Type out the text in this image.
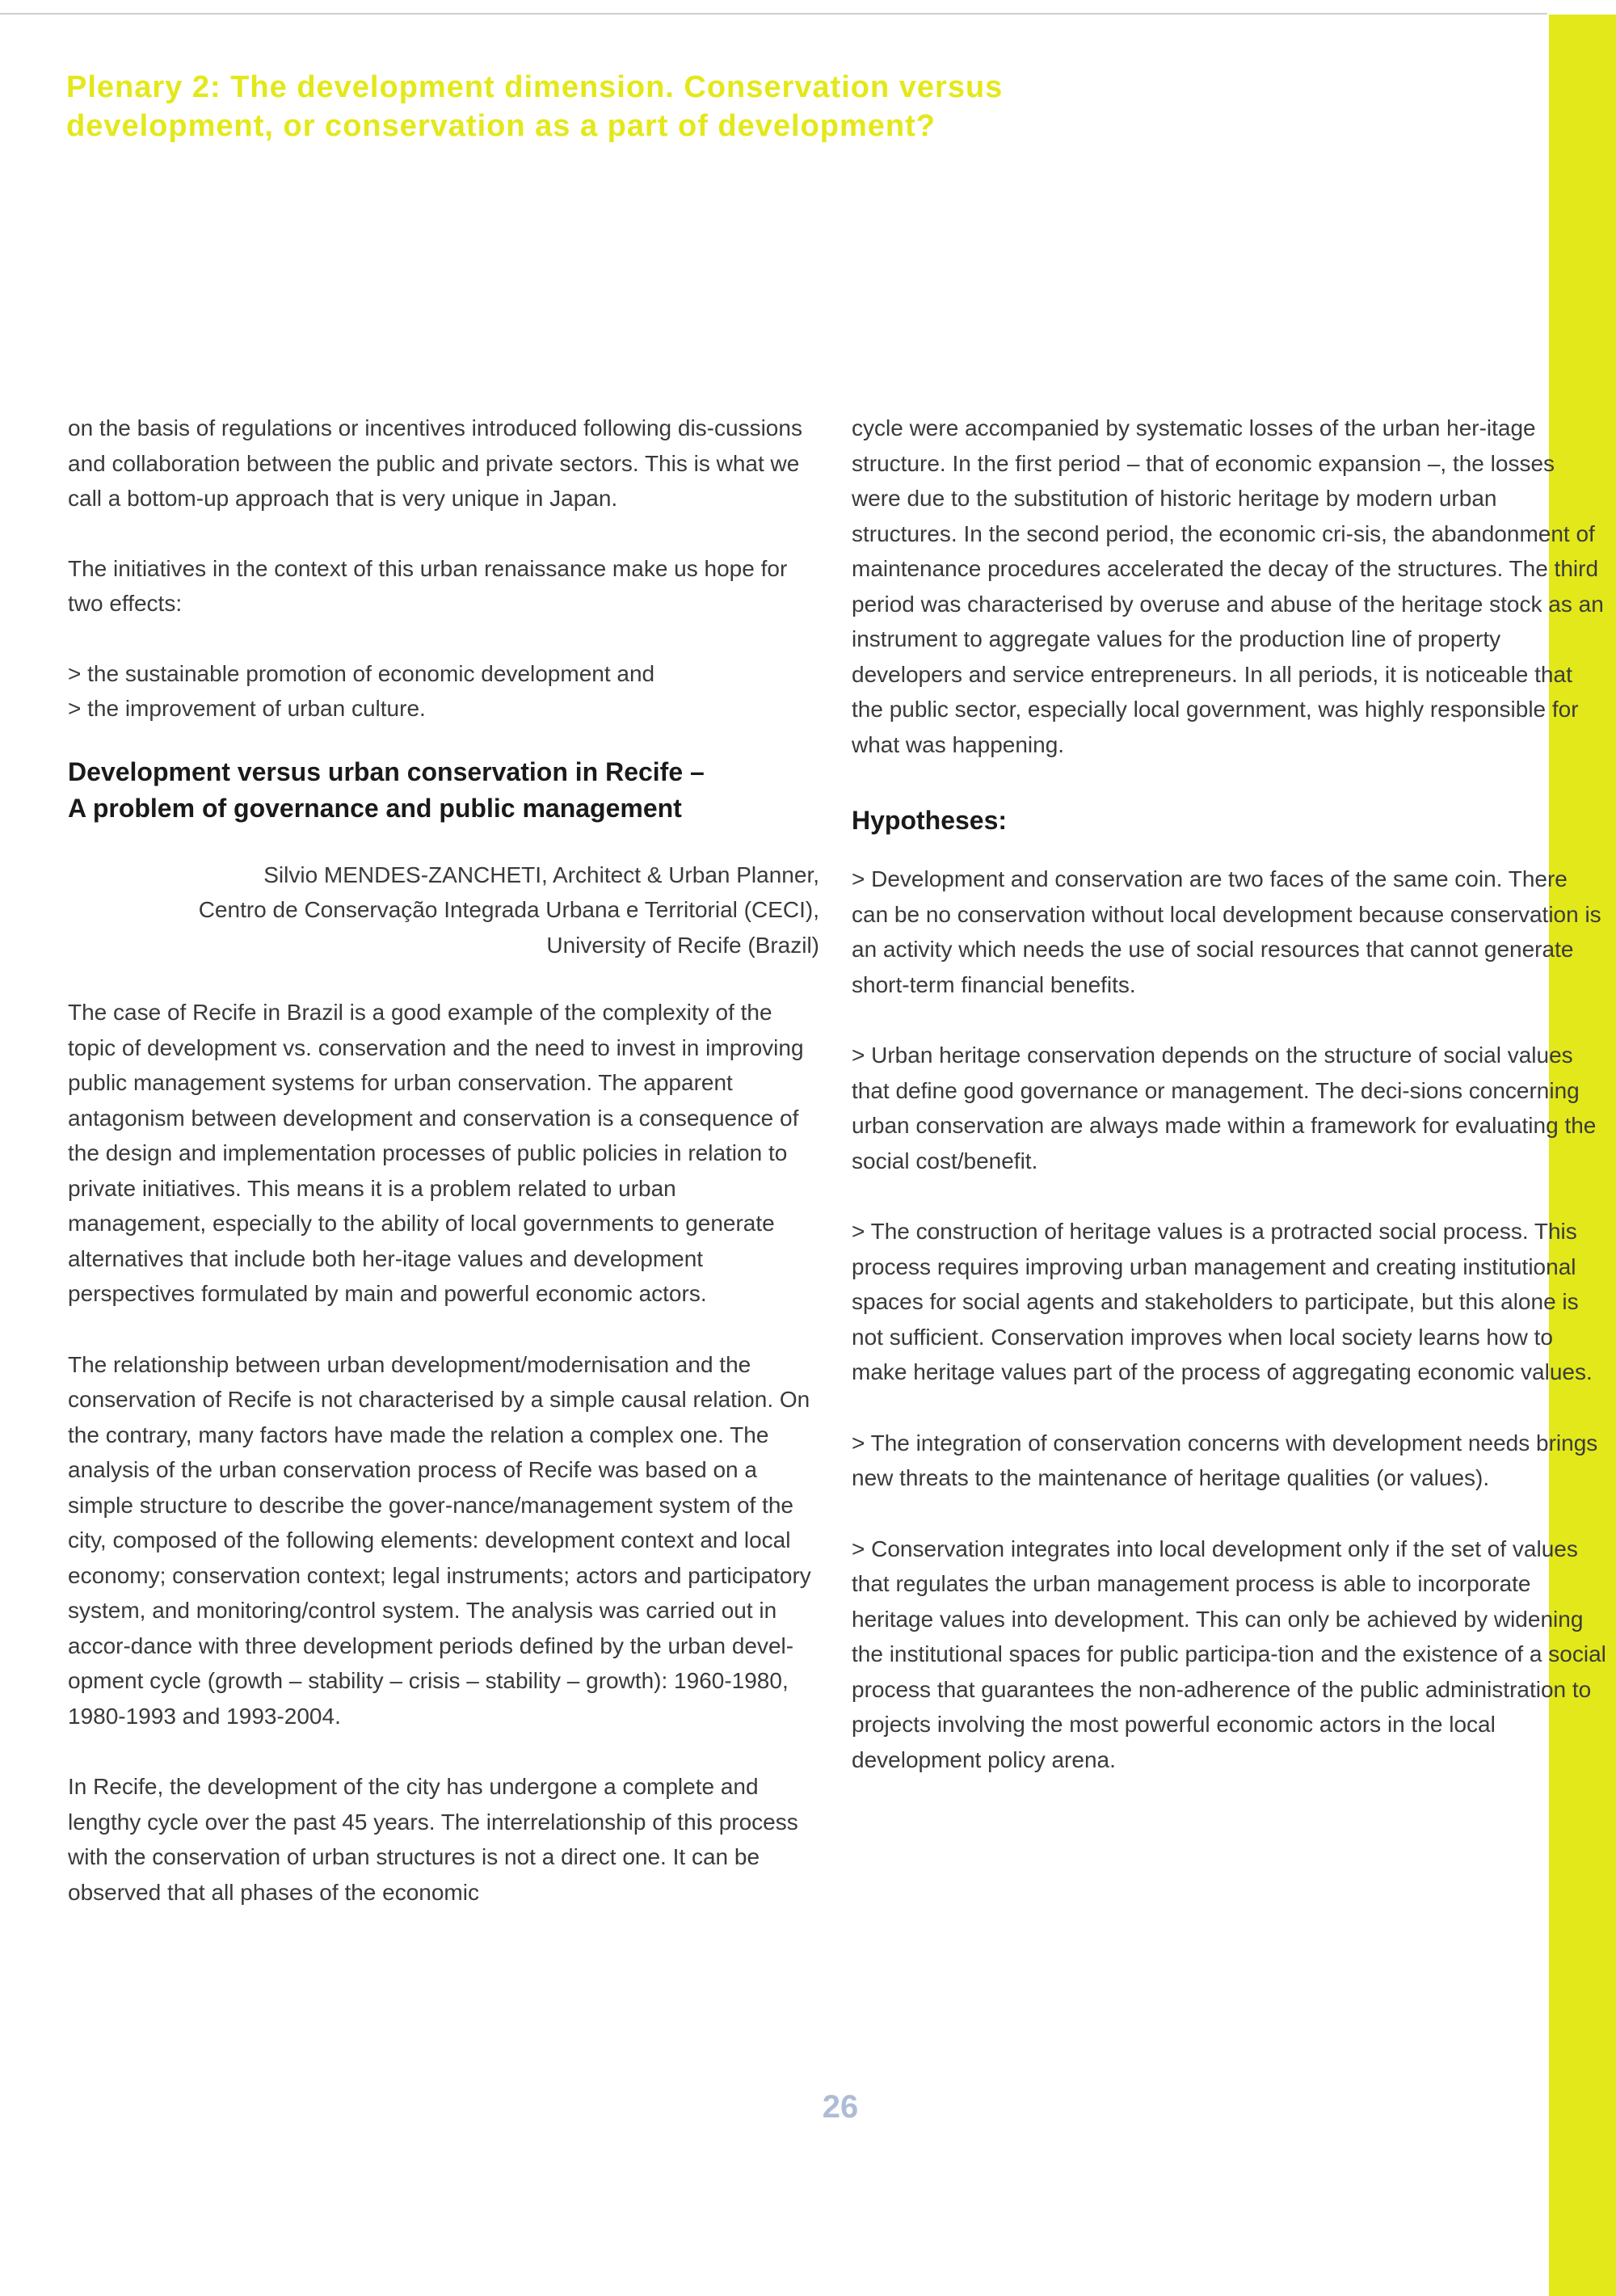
Plenary 2: The development dimension. Conservation versus
development, or conservation as a part of development?

on the basis of regulations or incentives introduced following dis-cussions and collaboration between the public and private sectors. This is what we call a bottom-up approach that is very unique in Japan.

The initiatives in the context of this urban renaissance make us hope for two effects:

> the sustainable promotion of economic development and
> the improvement of urban culture.
Development versus urban conservation in Recife –
A problem of governance and public management
Silvio MENDES-ZANCHETI, Architect & Urban Planner,
Centro de Conservação Integrada Urbana e Territorial (CECI),
University of Recife (Brazil)

The case of Recife in Brazil is a good example of the complexity of the topic of development vs. conservation and the need to invest in improving public management systems for urban conservation. The apparent antagonism between development and conservation is a consequence of the design and implementation processes of public policies in relation to private initiatives. This means it is a problem related to urban management, especially to the ability of local governments to generate alternatives that include both her-itage values and development perspectives formulated by main and powerful economic actors.

The relationship between urban development/modernisation and the conservation of Recife is not characterised by a simple causal relation. On the contrary, many factors have made the relation a complex one. The analysis of the urban conservation process of Recife was based on a simple structure to describe the gover-nance/management system of the city, composed of the following elements: development context and local economy; conservation context; legal instruments; actors and participatory system, and monitoring/control system. The analysis was carried out in accor-dance with three development periods defined by the urban devel-opment cycle (growth – stability – crisis – stability – growth): 1960-1980, 1980-1993 and 1993-2004.

In Recife, the development of the city has undergone a complete and lengthy cycle over the past 45 years. The interrelationship of this process with the conservation of urban structures is not a direct one. It can be observed that all phases of the economic

cycle were accompanied by systematic losses of the urban her-itage structure. In the first period – that of economic expansion –, the losses were due to the substitution of historic heritage by modern urban structures. In the second period, the economic cri-sis, the abandonment of maintenance procedures accelerated the decay of the structures. The third period was characterised by overuse and abuse of the heritage stock as an instrument to aggregate values for the production line of property developers and service entrepreneurs. In all periods, it is noticeable that the public sector, especially local government, was highly responsible for what was happening.

Hypotheses:

> Development and conservation are two faces of the same coin. There can be no conservation without local development because conservation is an activity which needs the use of social resources that cannot generate short-term financial benefits.

> Urban heritage conservation depends on the structure of social values that define good governance or management. The deci-sions concerning urban conservation are always made within a framework for evaluating the social cost/benefit.

> The construction of heritage values is a protracted social process. This process requires improving urban management and creating institutional spaces for social agents and stakeholders to participate, but this alone is not sufficient. Conservation improves when local society learns how to make heritage values part of the process of aggregating economic values.

> The integration of conservation concerns with development needs brings new threats to the maintenance of heritage qualities (or values).

> Conservation integrates into local development only if the set of values that regulates the urban management process is able to incorporate heritage values into development. This can only be achieved by widening the institutional spaces for public participa-tion and the existence of a social process that guarantees the non-adherence of the public administration to projects involving the most powerful economic actors in the local development policy arena.

26
